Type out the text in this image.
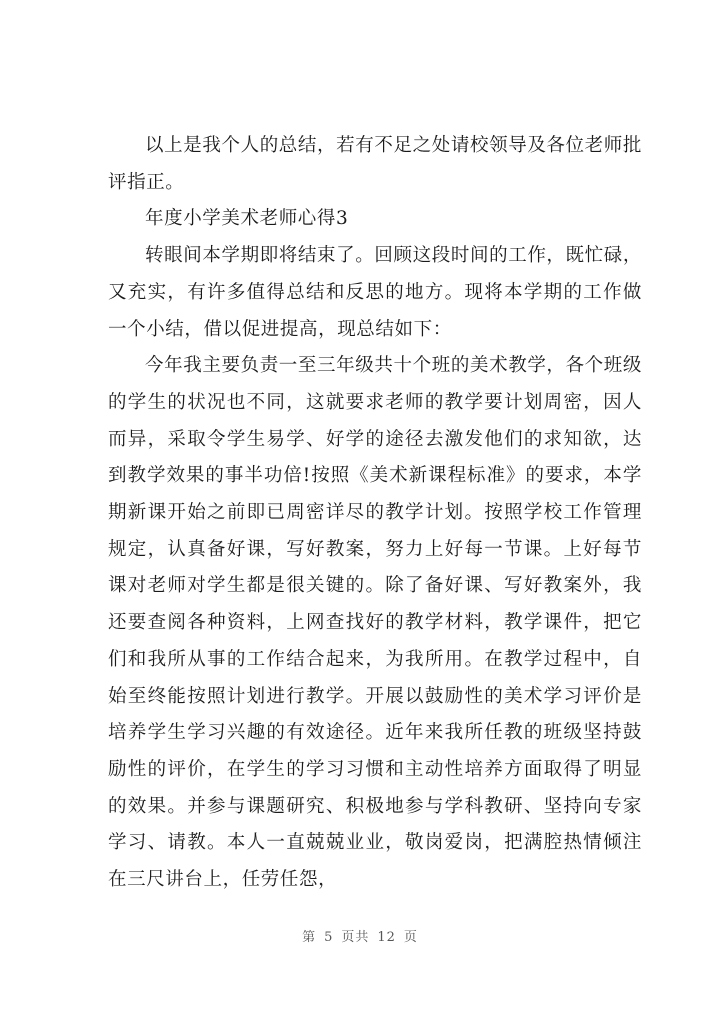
以上是我个人的总结，若有不足之处请校领导及各位老师批评指正。

年度小学美术老师心得3

转眼间本学期即将结束了。回顾这段时间的工作，既忙碌，又充实，有许多值得总结和反思的地方。现将本学期的工作做一个小结，借以促进提高，现总结如下：

今年我主要负责一至三年级共十个班的美术教学，各个班级的学生的状况也不同，这就要求老师的教学要计划周密，因人而异，采取令学生易学、好学的途径去激发他们的求知欲，达到教学效果的事半功倍!按照《美术新课程标准》的要求，本学期新课开始之前即已周密详尽的教学计划。按照学校工作管理规定，认真备好课，写好教案，努力上好每一节课。上好每节课对老师对学生都是很关键的。除了备好课、写好教案外，我还要查阅各种资料，上网查找好的教学材料，教学课件，把它们和我所从事的工作结合起来，为我所用。在教学过程中，自始至终能按照计划进行教学。开展以鼓励性的美术学习评价是培养学生学习兴趣的有效途径。近年来我所任教的班级坚持鼓励性的评价，在学生的学习习惯和主动性培养方面取得了明显的效果。并参与课题研究、积极地参与学科教研、坚持向专家学习、请教。本人一直兢兢业业，敬岗爱岗，把满腔热情倾注在三尺讲台上，任劳任怨，

第 5 页共 12 页
